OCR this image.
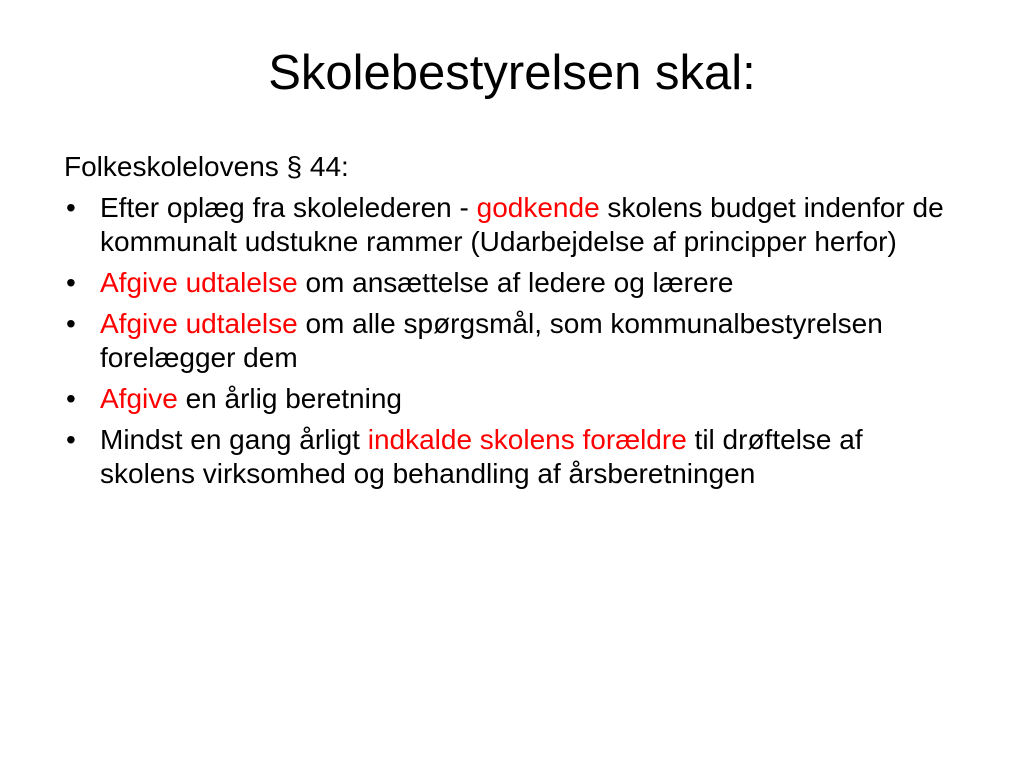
Skolebestyrelsen skal:

Folkeskolelovens § 44:

• Efter oplæg fra skolelederen - godkende skolens budget indenfor de kommunalt udstukne rammer (Udarbejdelse af principper herfor)
• Afgive udtalelse om ansættelse af ledere og lærere
• Afgive udtalelse om alle spørgsmål, som kommunalbestyrelsen forelægger dem
• Afgive en årlig beretning
• Mindst en gang årligt indkalde skolens forældre til drøftelse af skolens virksomhed og behandling af årsberetningen
